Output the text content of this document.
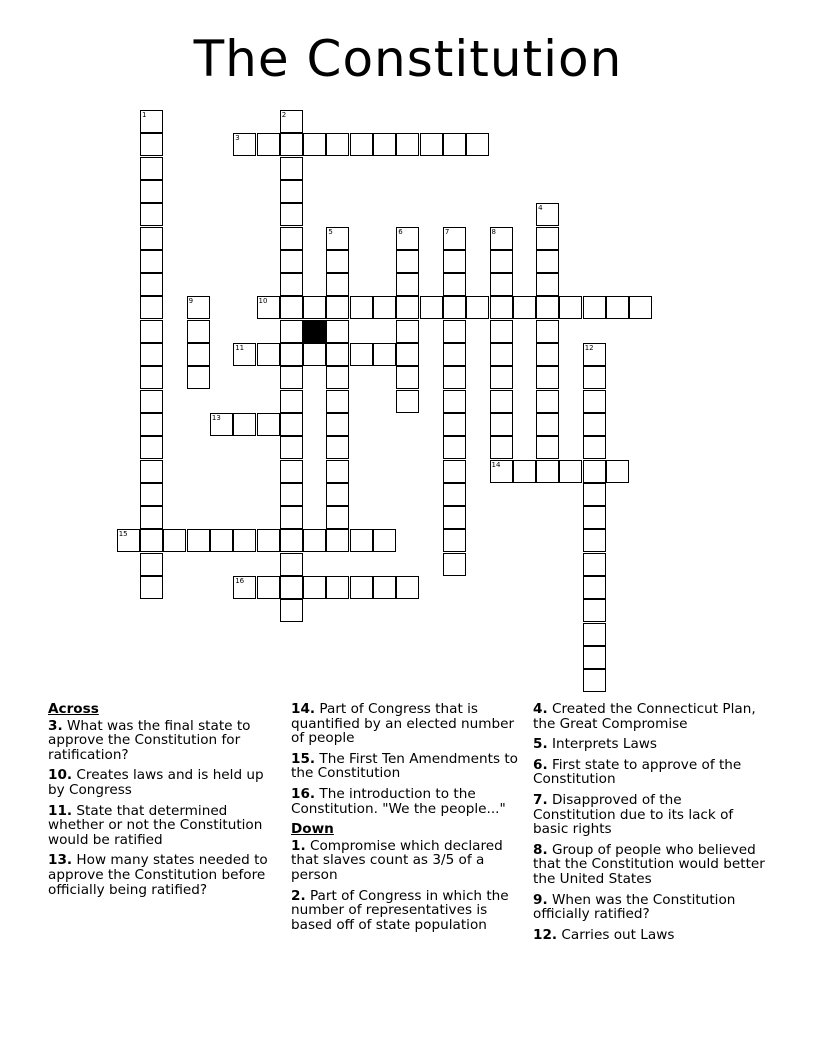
The Constitution
1	2
3
4
5	6	7	8
14
9	10
11	12
13
15
16
Across
3. What was the final state to approve the Constitution for ratification?
10. Creates laws and is held up by Congress
11. State that determined whether or not the Constitution would be ratified
13. How many states needed to approve the Constitution before officially being ratified?
14. Part of Congress that is quantified by an elected number of people
15. The First Ten Amendments to the Constitution
16. The introduction to the Constitution. "We the people..."
Down
1. Compromise which declared that slaves count as 3/5 of a person
2. Part of Congress in which the number of representatives is based off of state population
4. Created the Connecticut Plan, the Great Compromise
5. Interprets Laws
6. First state to approve of the Constitution
7. Disapproved of the Constitution due to its lack of basic rights
8. Group of people who believed that the Constitution would better the United States
9. When was the Constitution officially ratified?
12. Carries out Laws
